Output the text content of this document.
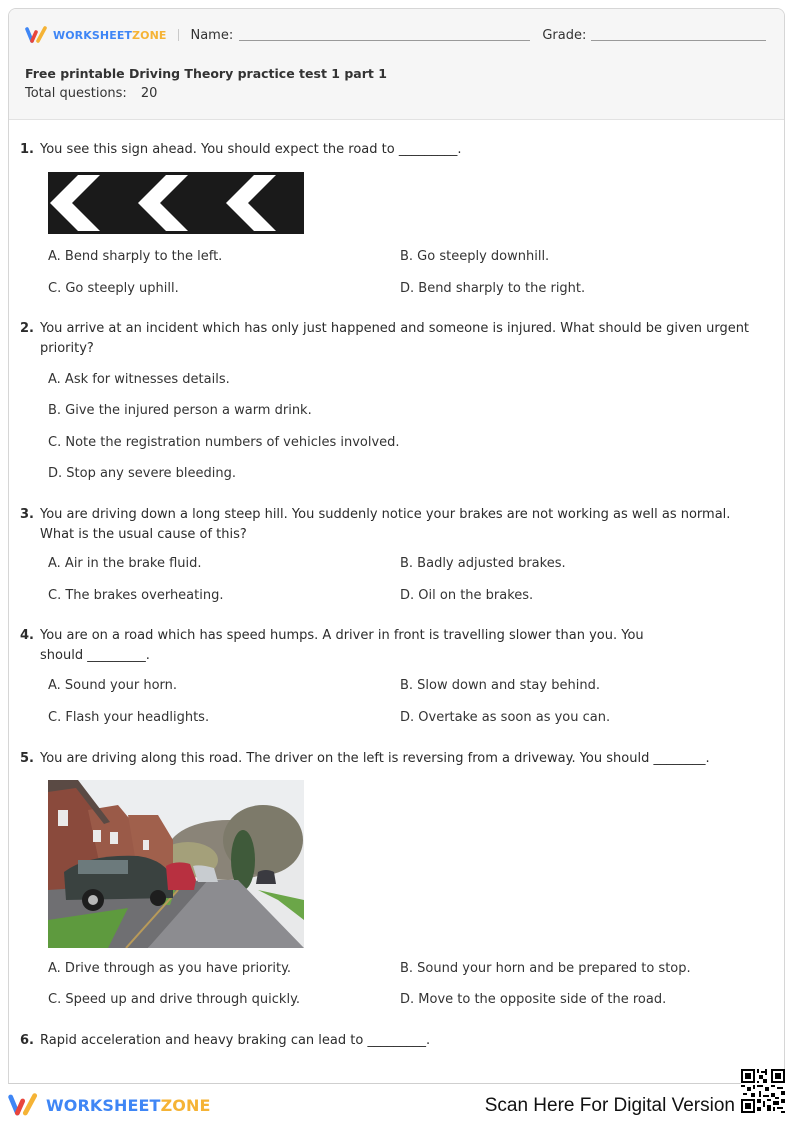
WORKSHEETZONE Name:	Grade:
Free printable Driving Theory practice test 1 part 1
Total questions: 20
1. You see this sign ahead. You should expect the road to _________.
A. Bend sharply to the left.	B. Go steeply downhill.
C. Go steeply uphill.	D. Bend sharply to the right.
2. You arrive at an incident which has only just happened and someone is injured. What should be given urgent priority?
A. Ask for witnesses details.
B. Give the injured person a warm drink.
C. Note the registration numbers of vehicles involved.
D. Stop any severe bleeding.
3. You are driving down a long steep hill. You suddenly notice your brakes are not working as well as normal. What is the usual cause of this?
A. Air in the brake fluid.	B. Badly adjusted brakes.
C. The brakes overheating.	D. Oil on the brakes.
4. You are on a road which has speed humps. A driver in front is travelling slower than you. You should _________.
A. Sound your horn.	B. Slow down and stay behind.
C. Flash your headlights.	D. Overtake as soon as you can.
5. You are driving along this road. The driver on the left is reversing from a driveway. You should ________.
A. Drive through as you have priority.	B. Sound your horn and be prepared to stop.
C. Speed up and drive through quickly.	D. Move to the opposite side of the road.
6. Rapid acceleration and heavy braking can lead to _________.
WORKSHEETZONE	Scan Here For Digital Version
